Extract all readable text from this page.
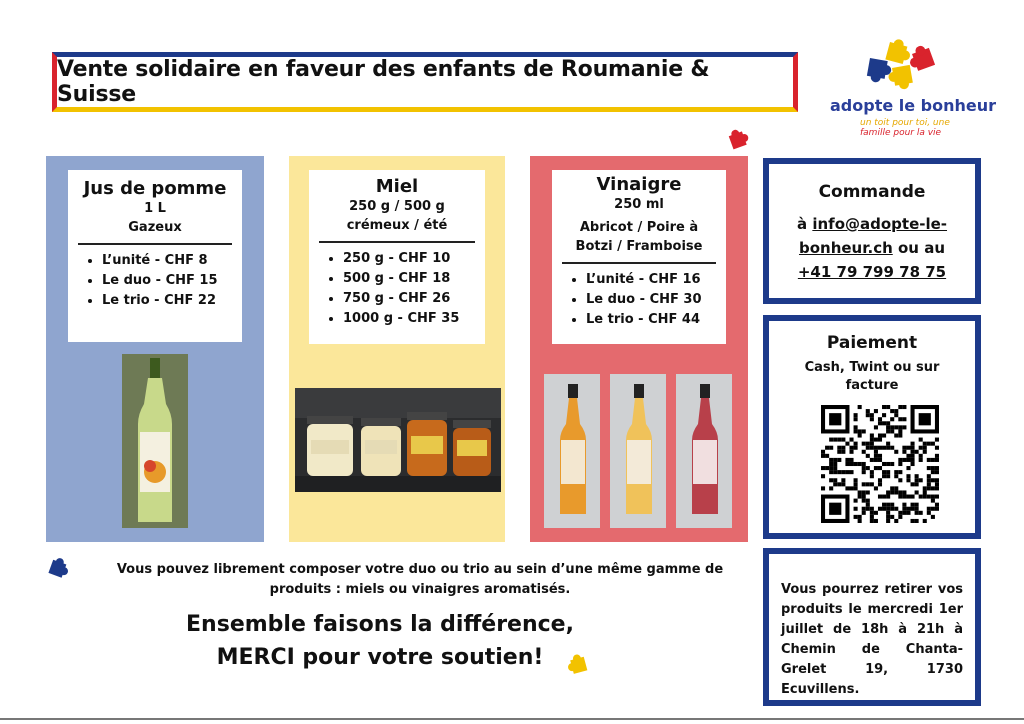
Vente solidaire en faveur des enfants de Roumanie & Suisse	adopte le bonheur
un toit pour toi, une
famille pour la vie
Jus de pomme
1 L
Gazeux
• L’unité - CHF 8
• Le duo - CHF 15
• Le trio - CHF 22
Miel
250 g / 500 g
crémeux / été
• 250 g - CHF 10
• 500 g - CHF 18
• 750 g - CHF 26
• 1000 g - CHF 35
Vinaigre
250 ml
Abricot / Poire à
Botzi / Framboise
• L’unité - CHF 16
• Le duo - CHF 30
• Le trio - CHF 44
Commande
à info@adopte-le-
bonheur.ch ou au
+41 79 799 78 75
Paiement
Cash, Twint ou sur
facture
Vous pourrez retirer vos produits le mercredi 1er juillet de 18h à 21h à Chemin de Chanta-Grelet 19, 1730 Ecuvillens.
Vous pouvez librement composer votre duo ou trio au sein d’une même gamme de
produits : miels ou vinaigres aromatisés.
Ensemble faisons la différence,
MERCI pour votre soutien!
